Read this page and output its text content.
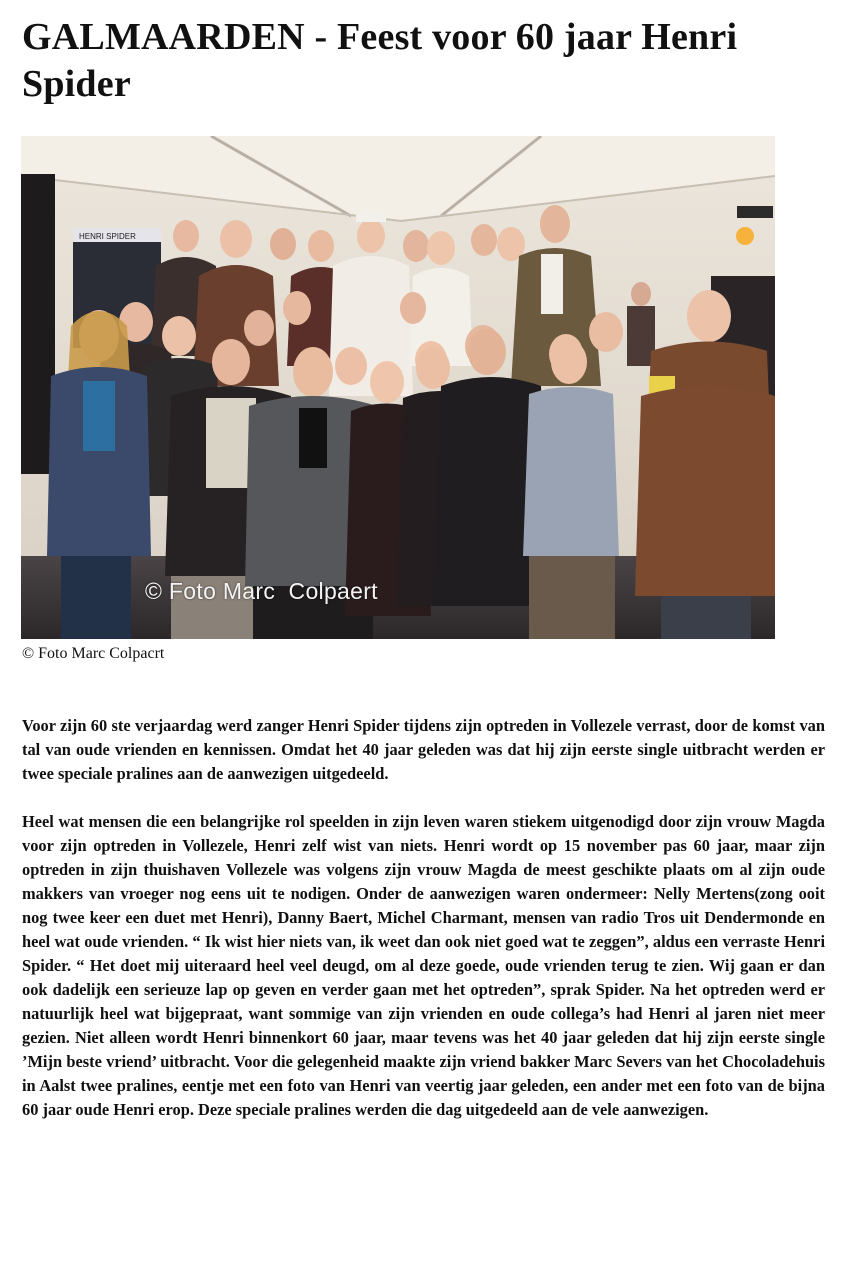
GALMAARDEN - Feest voor 60 jaar Henri Spider
HENRI SPIDER
© Foto Marc  Colpaert
© Foto Marc Colpacrt

Voor zijn 60 ste verjaardag werd zanger Henri Spider tijdens zijn optreden in Vollezele verrast, door de komst van tal van oude vrienden en kennissen. Omdat het 40 jaar geleden was dat hij zijn eerste single uitbracht werden er twee speciale pralines aan de aanwezigen uitgedeeld.

Heel wat mensen die een belangrijke rol speelden in zijn leven waren stiekem uitgenodigd door zijn vrouw Magda voor zijn optreden in Vollezele, Henri zelf wist van niets. Henri wordt op 15 november pas 60 jaar, maar zijn optreden in zijn thuishaven Vollezele was volgens zijn vrouw Magda de meest geschikte plaats om al zijn oude makkers van vroeger nog eens uit te nodigen. Onder de aanwezigen waren ondermeer: Nelly Mertens(zong ooit nog twee keer een duet met Henri), Danny Baert, Michel Charmant, mensen van radio Tros uit Dendermonde en heel wat oude vrienden. “ Ik wist hier niets van, ik weet dan ook niet goed wat te zeggen”, aldus een verraste Henri Spider. “ Het doet mij uiteraard heel veel deugd, om al deze goede, oude vrienden terug te zien. Wij gaan er dan ook dadelijk een serieuze lap op geven en verder gaan met het optreden”, sprak Spider. Na het optreden werd er natuurlijk heel wat bijgepraat, want sommige van zijn vrienden en oude collega’s had Henri al jaren niet meer gezien. Niet alleen wordt Henri binnenkort 60 jaar, maar tevens was het 40 jaar geleden dat hij zijn eerste single ’Mijn beste vriend’ uitbracht. Voor die gelegenheid maakte zijn vriend bakker Marc Severs van het Chocoladehuis in Aalst twee pralines, eentje met een foto van Henri van veertig jaar geleden, een ander met een foto van de bijna 60 jaar oude Henri erop. Deze speciale pralines werden die dag uitgedeeld aan de vele aanwezigen.
